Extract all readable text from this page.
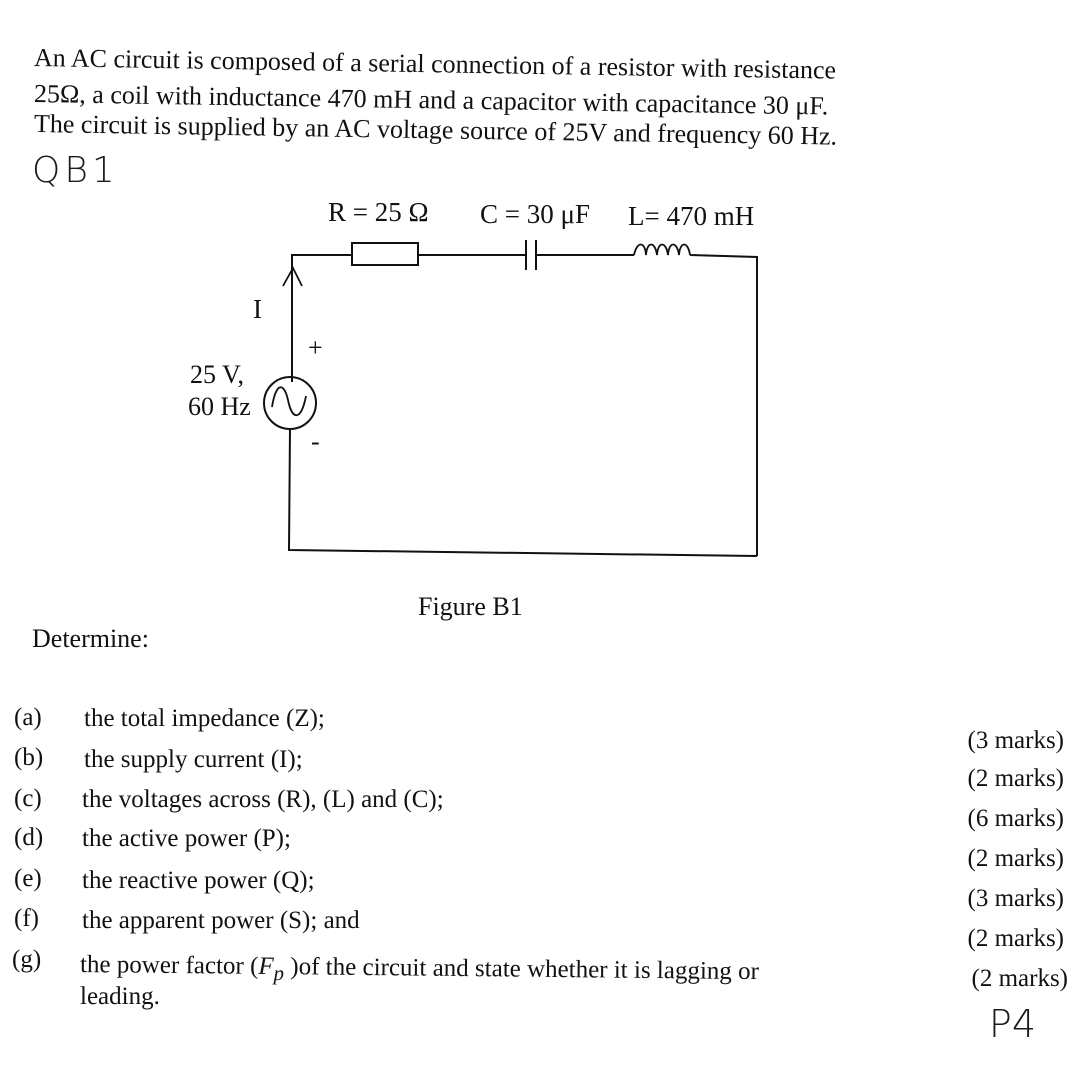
An AC circuit is composed of a serial connection of a resistor with resistance
25Ω, a coil with inductance 470 mH and a capacitor with capacitance 30 μF.
The circuit is supplied by an AC voltage source of 25V and frequency 60 Hz.
QB1
R = 25 Ω C = 30 μF L= 470 mH
I
+
-
25 V,
60 Hz
Figure B1
Determine:
(a) the total impedance (Z);
(3 marks)
(b) the supply current (I);
(2 marks)
(c) the voltages across (R), (L) and (C);
(6 marks)
(d) the active power (P);
(2 marks)
(e) the reactive power (Q);
(3 marks)
(f) the apparent power (S); and
(2 marks)
(g) the power factor ($F_p$ )of the circuit and state whether it is lagging or
leading.
(2 marks)
P4
